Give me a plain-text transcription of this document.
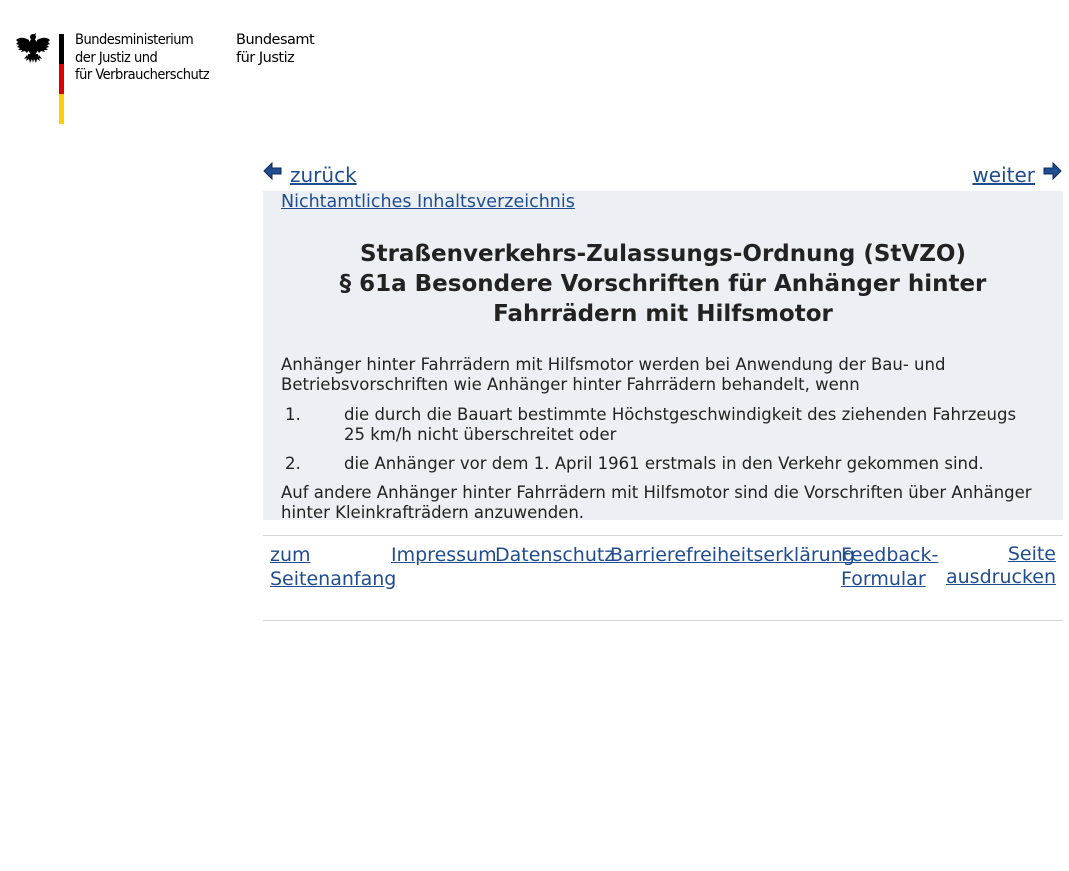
Bundesministerium
der Justiz und
für Verbraucherschutz
Bundesamt
für Justiz
zurück	weiter
Nichtamtliches Inhaltsverzeichnis
Straßenverkehrs-Zulassungs-Ordnung (StVZO)
§ 61a Besondere Vorschriften für Anhänger hinter Fahrrädern mit Hilfsmotor

Anhänger hinter Fahrrädern mit Hilfsmotor werden bei Anwendung der Bau- und Betriebsvorschriften wie Anhänger hinter Fahrrädern behandelt, wenn

1.	die durch die Bauart bestimmte Höchstgeschwindigkeit des ziehenden Fahrzeugs 25 km/h nicht überschreitet oder
2.	die Anhänger vor dem 1. April 1961 erstmals in den Verkehr gekommen sind.

Auf andere Anhänger hinter Fahrrädern mit Hilfsmotor sind die Vorschriften über Anhänger hinter Kleinkrafträdern anzuwenden.

zum Seitenanfang
Impressum
Datenschutz
Barrierefreiheitserklärung
Feedback-Formular
Seite ausdrucken
